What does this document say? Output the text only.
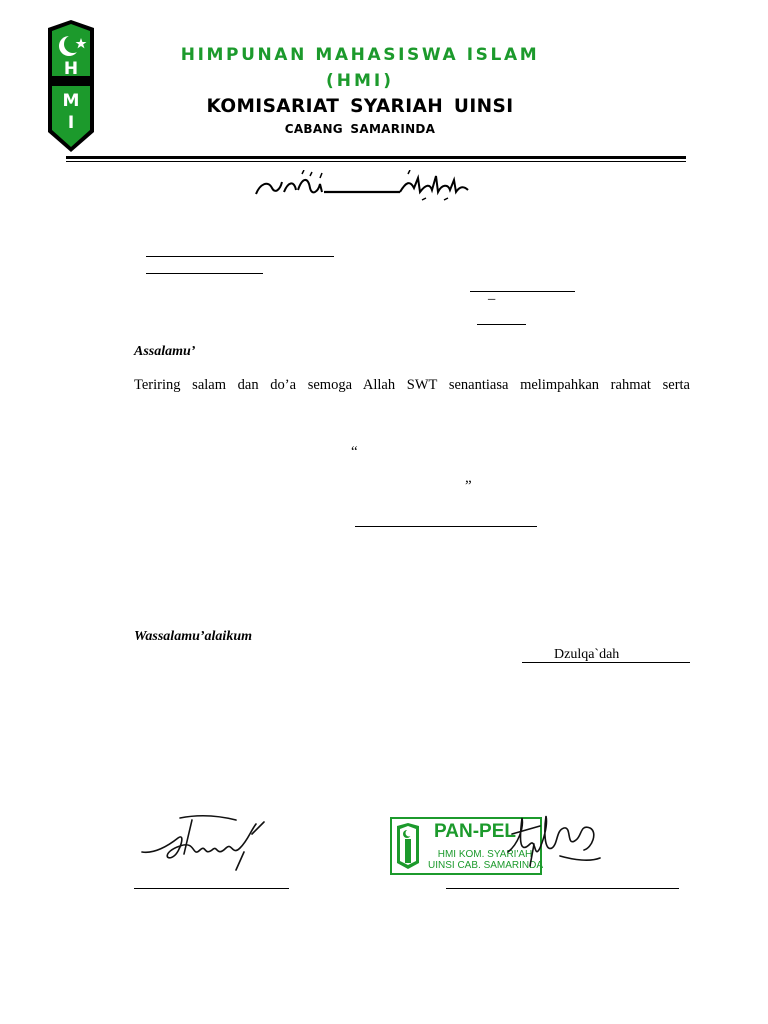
H
M
I
HIMPUNAN MAHASISWA ISLAM
(HMI)
KOMISARIAT SYARIAH UINSI
CABANG SAMARINDA
–
Assalamu’
Teriring salam dan do’a semoga Allah SWT senantiasa melimpahkan rahmat serta
“
”
Wassalamu’alaikum
Dzulqa`dah
PAN-PEL
HMI KOM. SYARI'AH
UINSI CAB. SAMARINDA
